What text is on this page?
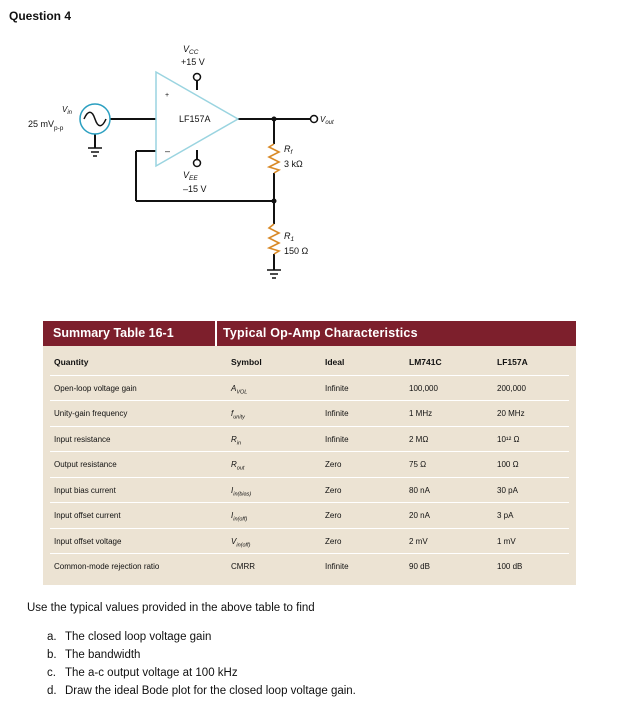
Question 4
$V_{CC}$
+15 V
LF157A
+
–
$V_{EE}$
–15 V
$V_{in}$
25 $mV_{p-p}$
$V_{out}$
$R_f$
3 kΩ
$R_1$
150 Ω
Summary Table 16-1	Typical Op-Amp Characteristics
Quantity	Symbol	Ideal	LM741C	LF157A
Open-loop voltage gain	$A_{VOL}$	Infinite	100,000	200,000
Unity-gain frequency	$f_{unity}$	Infinite	1 MHz	20 MHz
Input resistance	$R_{in}$	Infinite	2 MΩ	10¹² Ω
Output resistance	$R_{out}$	Zero	75 Ω	100 Ω
Input bias current	$I_{in(bias)}$	Zero	80 nA	30 pA
Input offset current	$I_{in(off)}$	Zero	20 nA	3 pA
Input offset voltage	$V_{in(off)}$	Zero	2 mV	1 mV
Common-mode rejection ratio	CMRR	Infinite	90 dB	100 dB
Use the typical values provided in the above table to find
a. The closed loop voltage gain
b. The bandwidth
c. The a-c output voltage at 100 kHz
d. Draw the ideal Bode plot for the closed loop voltage gain.
